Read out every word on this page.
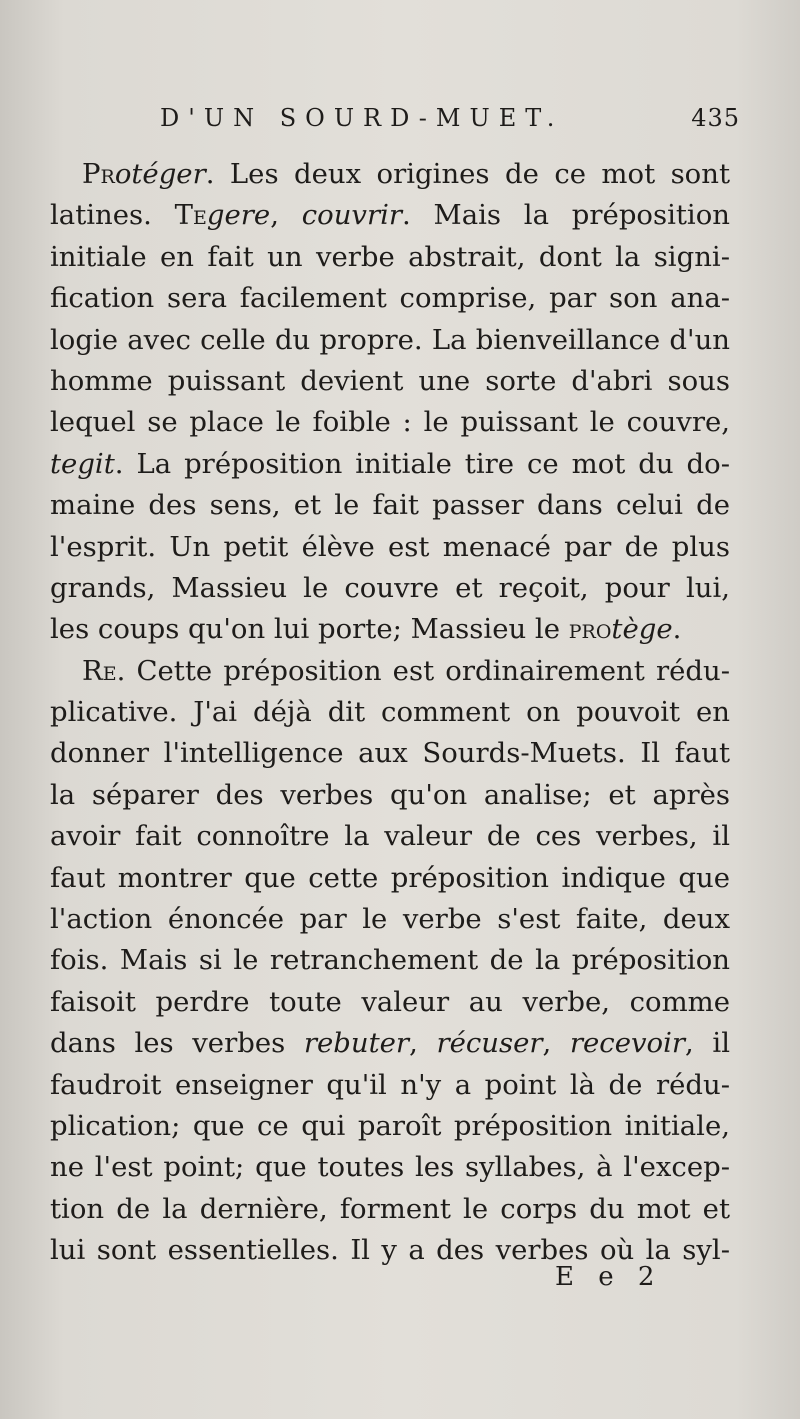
D'UN SOURD-MUET.	435
Protéger. Les deux origines de ce mot sont
latines. Tegere, couvrir. Mais la préposition
initiale en fait un verbe abstrait, dont la signi-
fication sera facilement comprise, par son ana-
logie avec celle du propre. La bienveillance d'un
homme puissant devient une sorte d'abri sous
lequel se place le foible : le puissant le couvre,
tegit. La préposition initiale tire ce mot du do-
maine des sens, et le fait passer dans celui de
l'esprit. Un petit élève est menacé par de plus
grands, Massieu le couvre et reçoit, pour lui,
les coups qu'on lui porte; Massieu le protège.
Re. Cette préposition est ordinairement rédu-
plicative. J'ai déjà dit comment on pouvoit en
donner l'intelligence aux Sourds-Muets. Il faut
la séparer des verbes qu'on analise; et après
avoir fait connoître la valeur de ces verbes, il
faut montrer que cette préposition indique que
l'action énoncée par le verbe s'est faite, deux
fois. Mais si le retranchement de la préposition
faisoit perdre toute valeur au verbe, comme
dans les verbes rebuter, récuser, recevoir, il
faudroit enseigner qu'il n'y a point là de rédu-
plication; que ce qui paroît préposition initiale,
ne l'est point; que toutes les syllabes, à l'excep-
tion de la dernière, forment le corps du mot et
lui sont essentielles. Il y a des verbes où la syl-
E e 2
